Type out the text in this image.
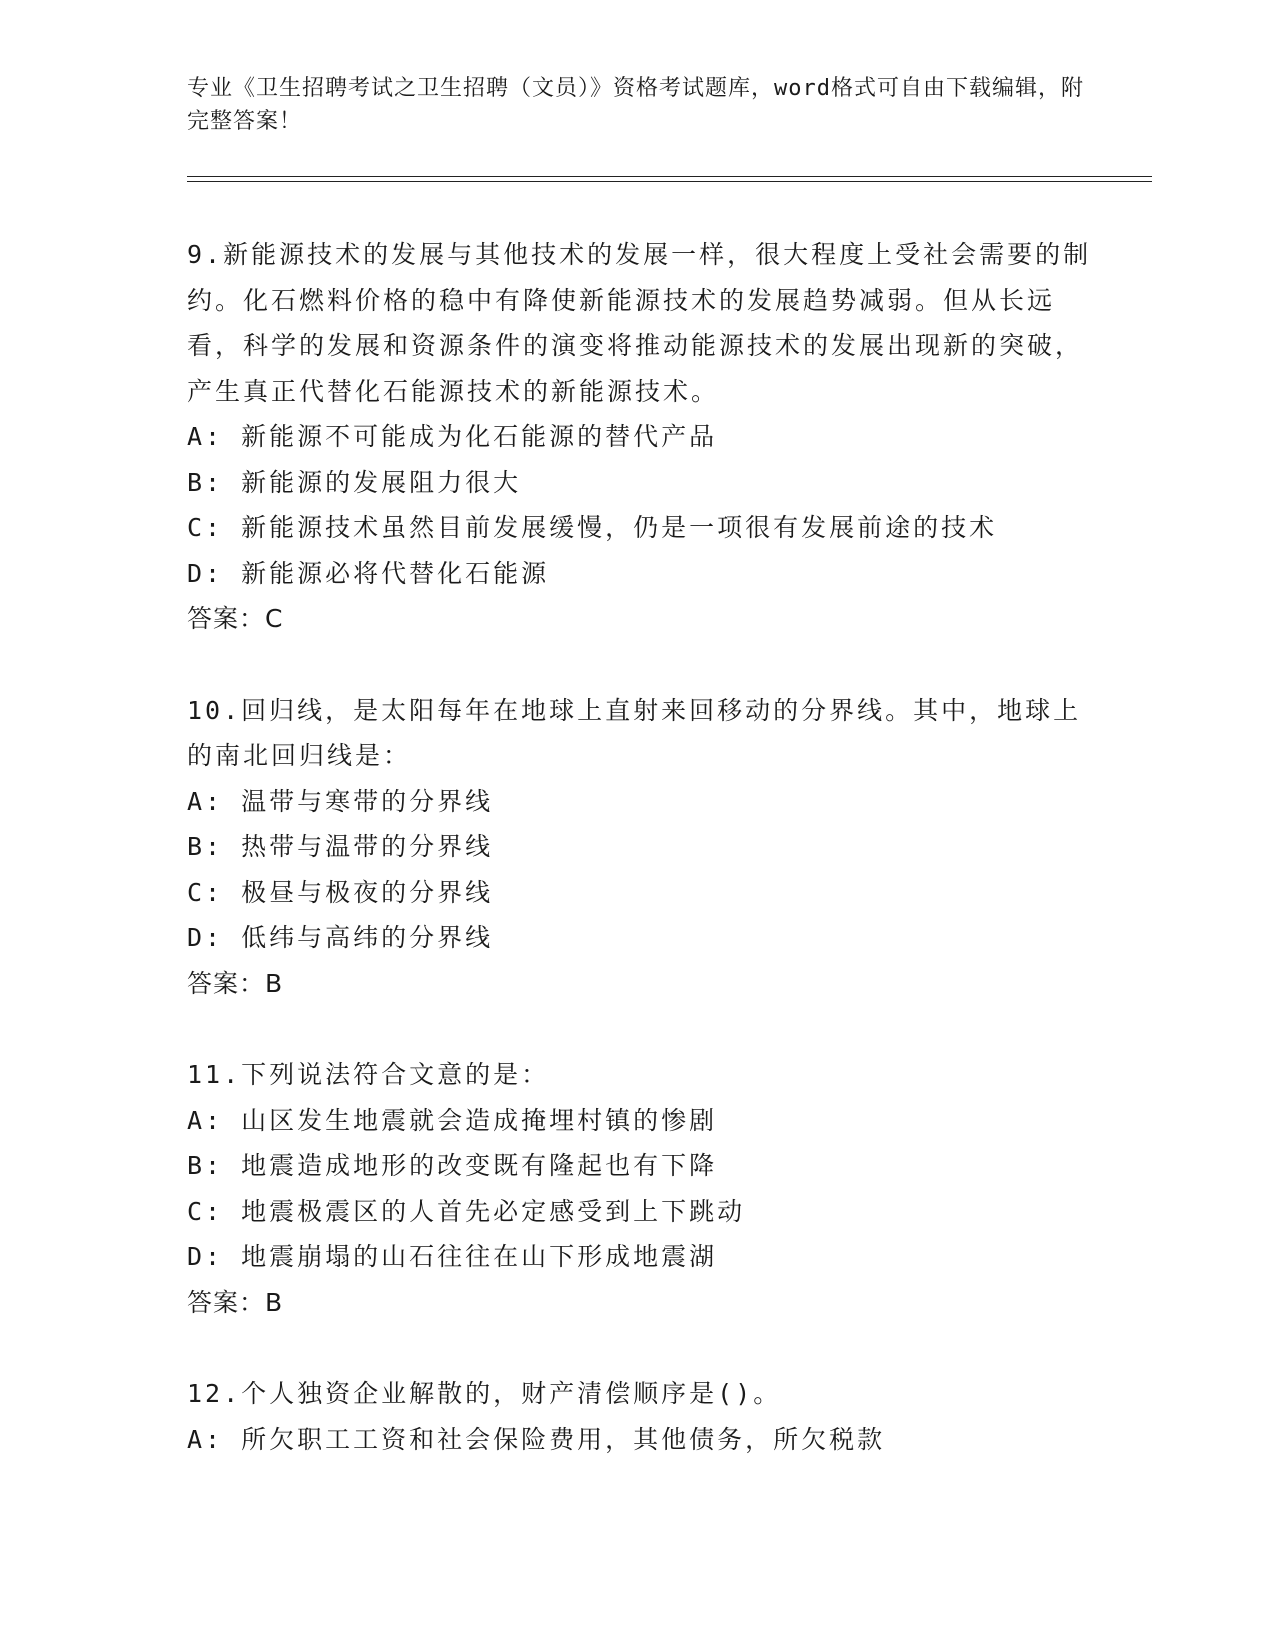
专业《卫生招聘考试之卫生招聘（文员）》资格考试题库，word格式可自由下载编辑，附完整答案！
9.新能源技术的发展与其他技术的发展一样，很大程度上受社会需要的制约。化石燃料价格的稳中有降使新能源技术的发展趋势减弱。但从长远看，科学的发展和资源条件的演变将推动能源技术的发展出现新的突破，产生真正代替化石能源技术的新能源技术。
A: 新能源不可能成为化石能源的替代产品
B: 新能源的发展阻力很大
C: 新能源技术虽然目前发展缓慢，仍是一项很有发展前途的技术
D: 新能源必将代替化石能源
答案：C
10.回归线，是太阳每年在地球上直射来回移动的分界线。其中，地球上的南北回归线是：
A: 温带与寒带的分界线
B: 热带与温带的分界线
C: 极昼与极夜的分界线
D: 低纬与高纬的分界线
答案：B
11.下列说法符合文意的是：
A: 山区发生地震就会造成掩埋村镇的惨剧
B: 地震造成地形的改变既有隆起也有下降
C: 地震极震区的人首先必定感受到上下跳动
D: 地震崩塌的山石往往在山下形成地震湖
答案：B
12.个人独资企业解散的，财产清偿顺序是()。
A: 所欠职工工资和社会保险费用，其他债务，所欠税款
